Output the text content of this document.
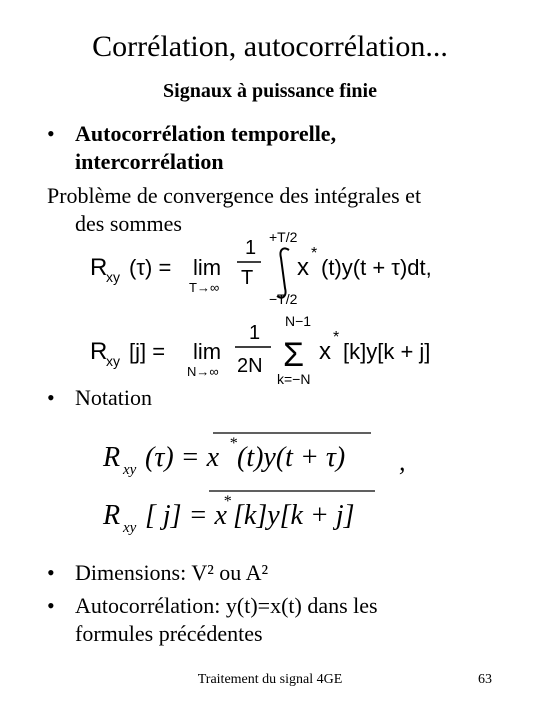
Corrélation, autocorrélation...
Signaux à puissance finie
• Autocorrélation temporelle,
intercorrélation
Problème de convergence des intégrales et
des sommes
R
xy (τ) = lim
T→∞
1
T
+T/2
−T/2
x
*
(t)y(t + τ)dt,
R
xy [j] = lim
N→∞
1
2N
N−1
Σ
k=−N
x
*
[k]y[k + j]
• Notation
R xy (τ) = x * (t)y(t + τ) ,
R xy [ j] = x
* [k]y[k + j]
• Dimensions: V² ou A²
• Autocorrélation: y(t)=x(t) dans les
formules précédentes
Traitement du signal 4GE	63
